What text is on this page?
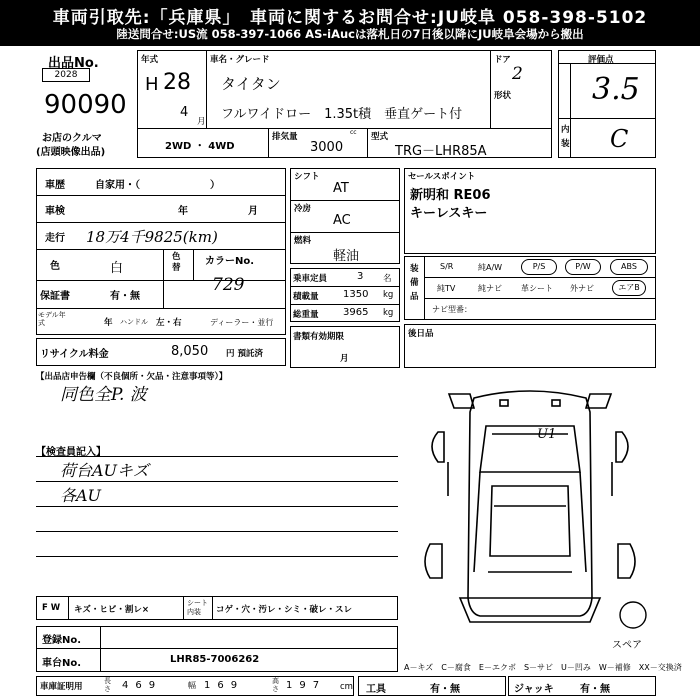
車両引取先:「兵庫県」　車両に関するお問合せ:JU岐阜 058-398-5102
陸送問合せ:US流 058-397-1066 AS-iAucは落札日の7日後以降にJU岐阜会場から搬出
出品No.
2028
90090
お店のクルマ
(店頭映像出品)
年式
H 28
4
月
車名・グレード
タイタン
フルワイドロー　1.35t積　垂直ゲート付
ドア
2
形状
2WD ・ 4WD
排気量	cc
3000
型式
TRG－LHR85A
評価点
3.5
内装 C
車歴	自家用・（　　　　　　　）
車検	年	月
走行 18万4千9825(km)
色	白
色替
カラーNo.
729
保証書	有・無
モデル年式	年 ハンドル 左・右	ディーラー・並行
シフト
AT
冷房
AC
燃料
軽油
乗車定員	3 名
積載量 1350 kg
総重量 3965 kg
書類有効期限
月
セールスポイント
新明和 RE06
キーレスキー
装備品
S/R	純A/W	P/S	P/W	ABS
純TV	純ナビ 革シート 外ナビ	エアB
ナビ型番：
リサイクル料金	8,050 円 預託済
後日品
【出品店申告欄（不良個所・欠品・注意事項等）】
同色全P. 波
【検査員記入】
荷台AUキズ
各AU
U1
スペア
F W キズ・ヒビ・割レ×
シート内装	コゲ・穴・汚レ・シミ・破レ・スレ
登録No.
車台No.	LHR85-7006262
A－キズ　C－腐食　E－エクボ　S－サビ　U－凹み　W－補修　XX－交換済
車庫証明用
長さ 469	幅 169	高さ 197 cm 工具	有・無	ジャッキ	有・無
